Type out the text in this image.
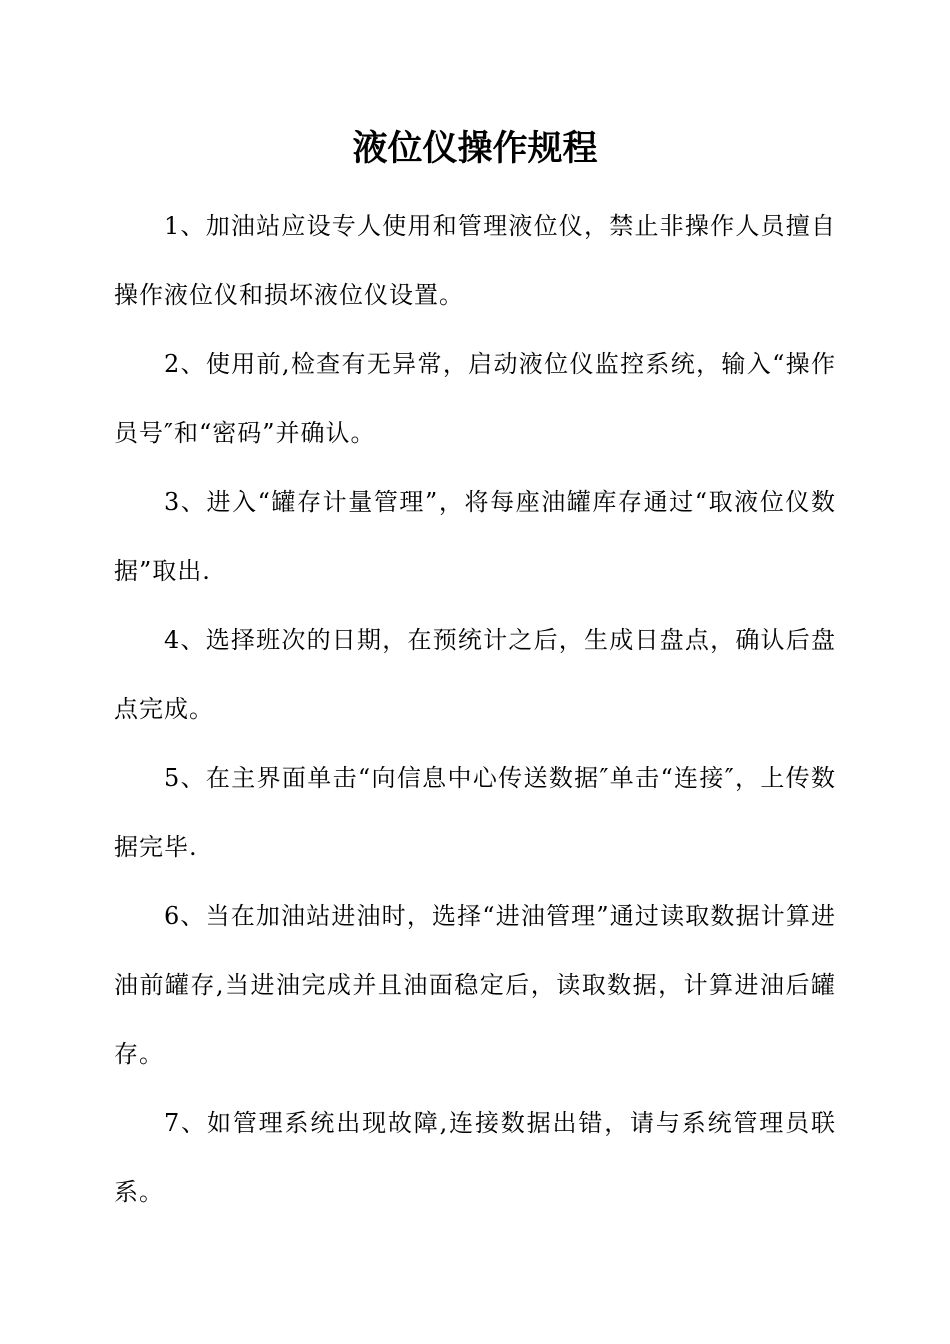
液位仪操作规程

1、加油站应设专人使用和管理液位仪，禁止非操作人员擅自操作液位仪和损坏液位仪设置。

2、使用前,检查有无异常，启动液位仪监控系统，输入“操作员号″和“密码”并确认。

3、进入“罐存计量管理”，将每座油罐库存通过“取液位仪数据”取出.

4、选择班次的日期，在预统计之后，生成日盘点，确认后盘点完成。

5、在主界面单击“向信息中心传送数据″单击“连接″，上传数据完毕.

6、当在加油站进油时，选择“进油管理”通过读取数据计算进油前罐存,当进油完成并且油面稳定后，读取数据，计算进油后罐存。

7、如管理系统出现故障,连接数据出错，请与系统管理员联系。
